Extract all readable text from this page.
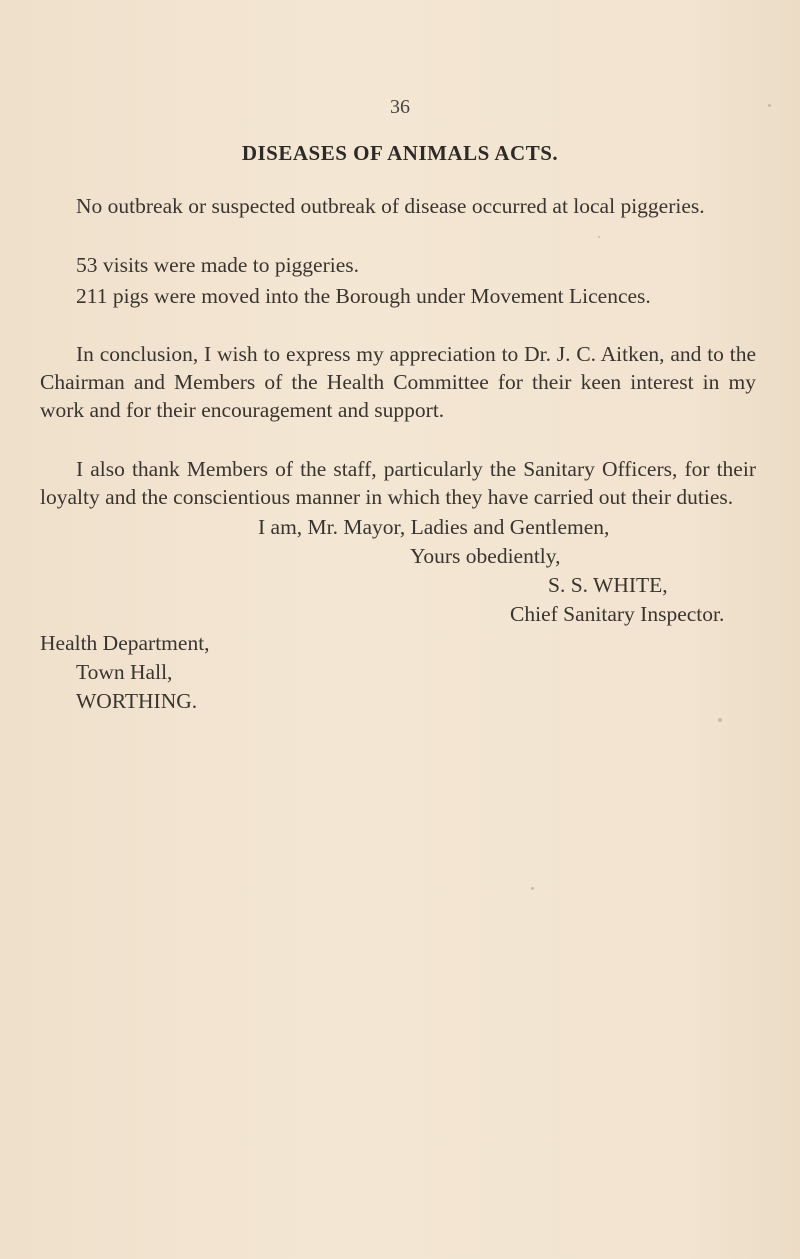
36
DISEASES OF ANIMALS ACTS.

No outbreak or suspected outbreak of disease occurred at local piggeries.

53 visits were made to piggeries.

211 pigs were moved into the Borough under Movement Licences.

In conclusion, I wish to express my appreciation to Dr. J. C. Aitken, and to the Chairman and Members of the Health Committee for their keen interest in my work and for their encouragement and support.

I also thank Members of the staff, particularly the Sanitary Officers, for their loyalty and the conscientious manner in which they have carried out their duties.

I am, Mr. Mayor, Ladies and Gentlemen,

Yours obediently,

S. S. WHITE,

Chief Sanitary Inspector.

Health Department,

Town Hall,

WORTHING.
